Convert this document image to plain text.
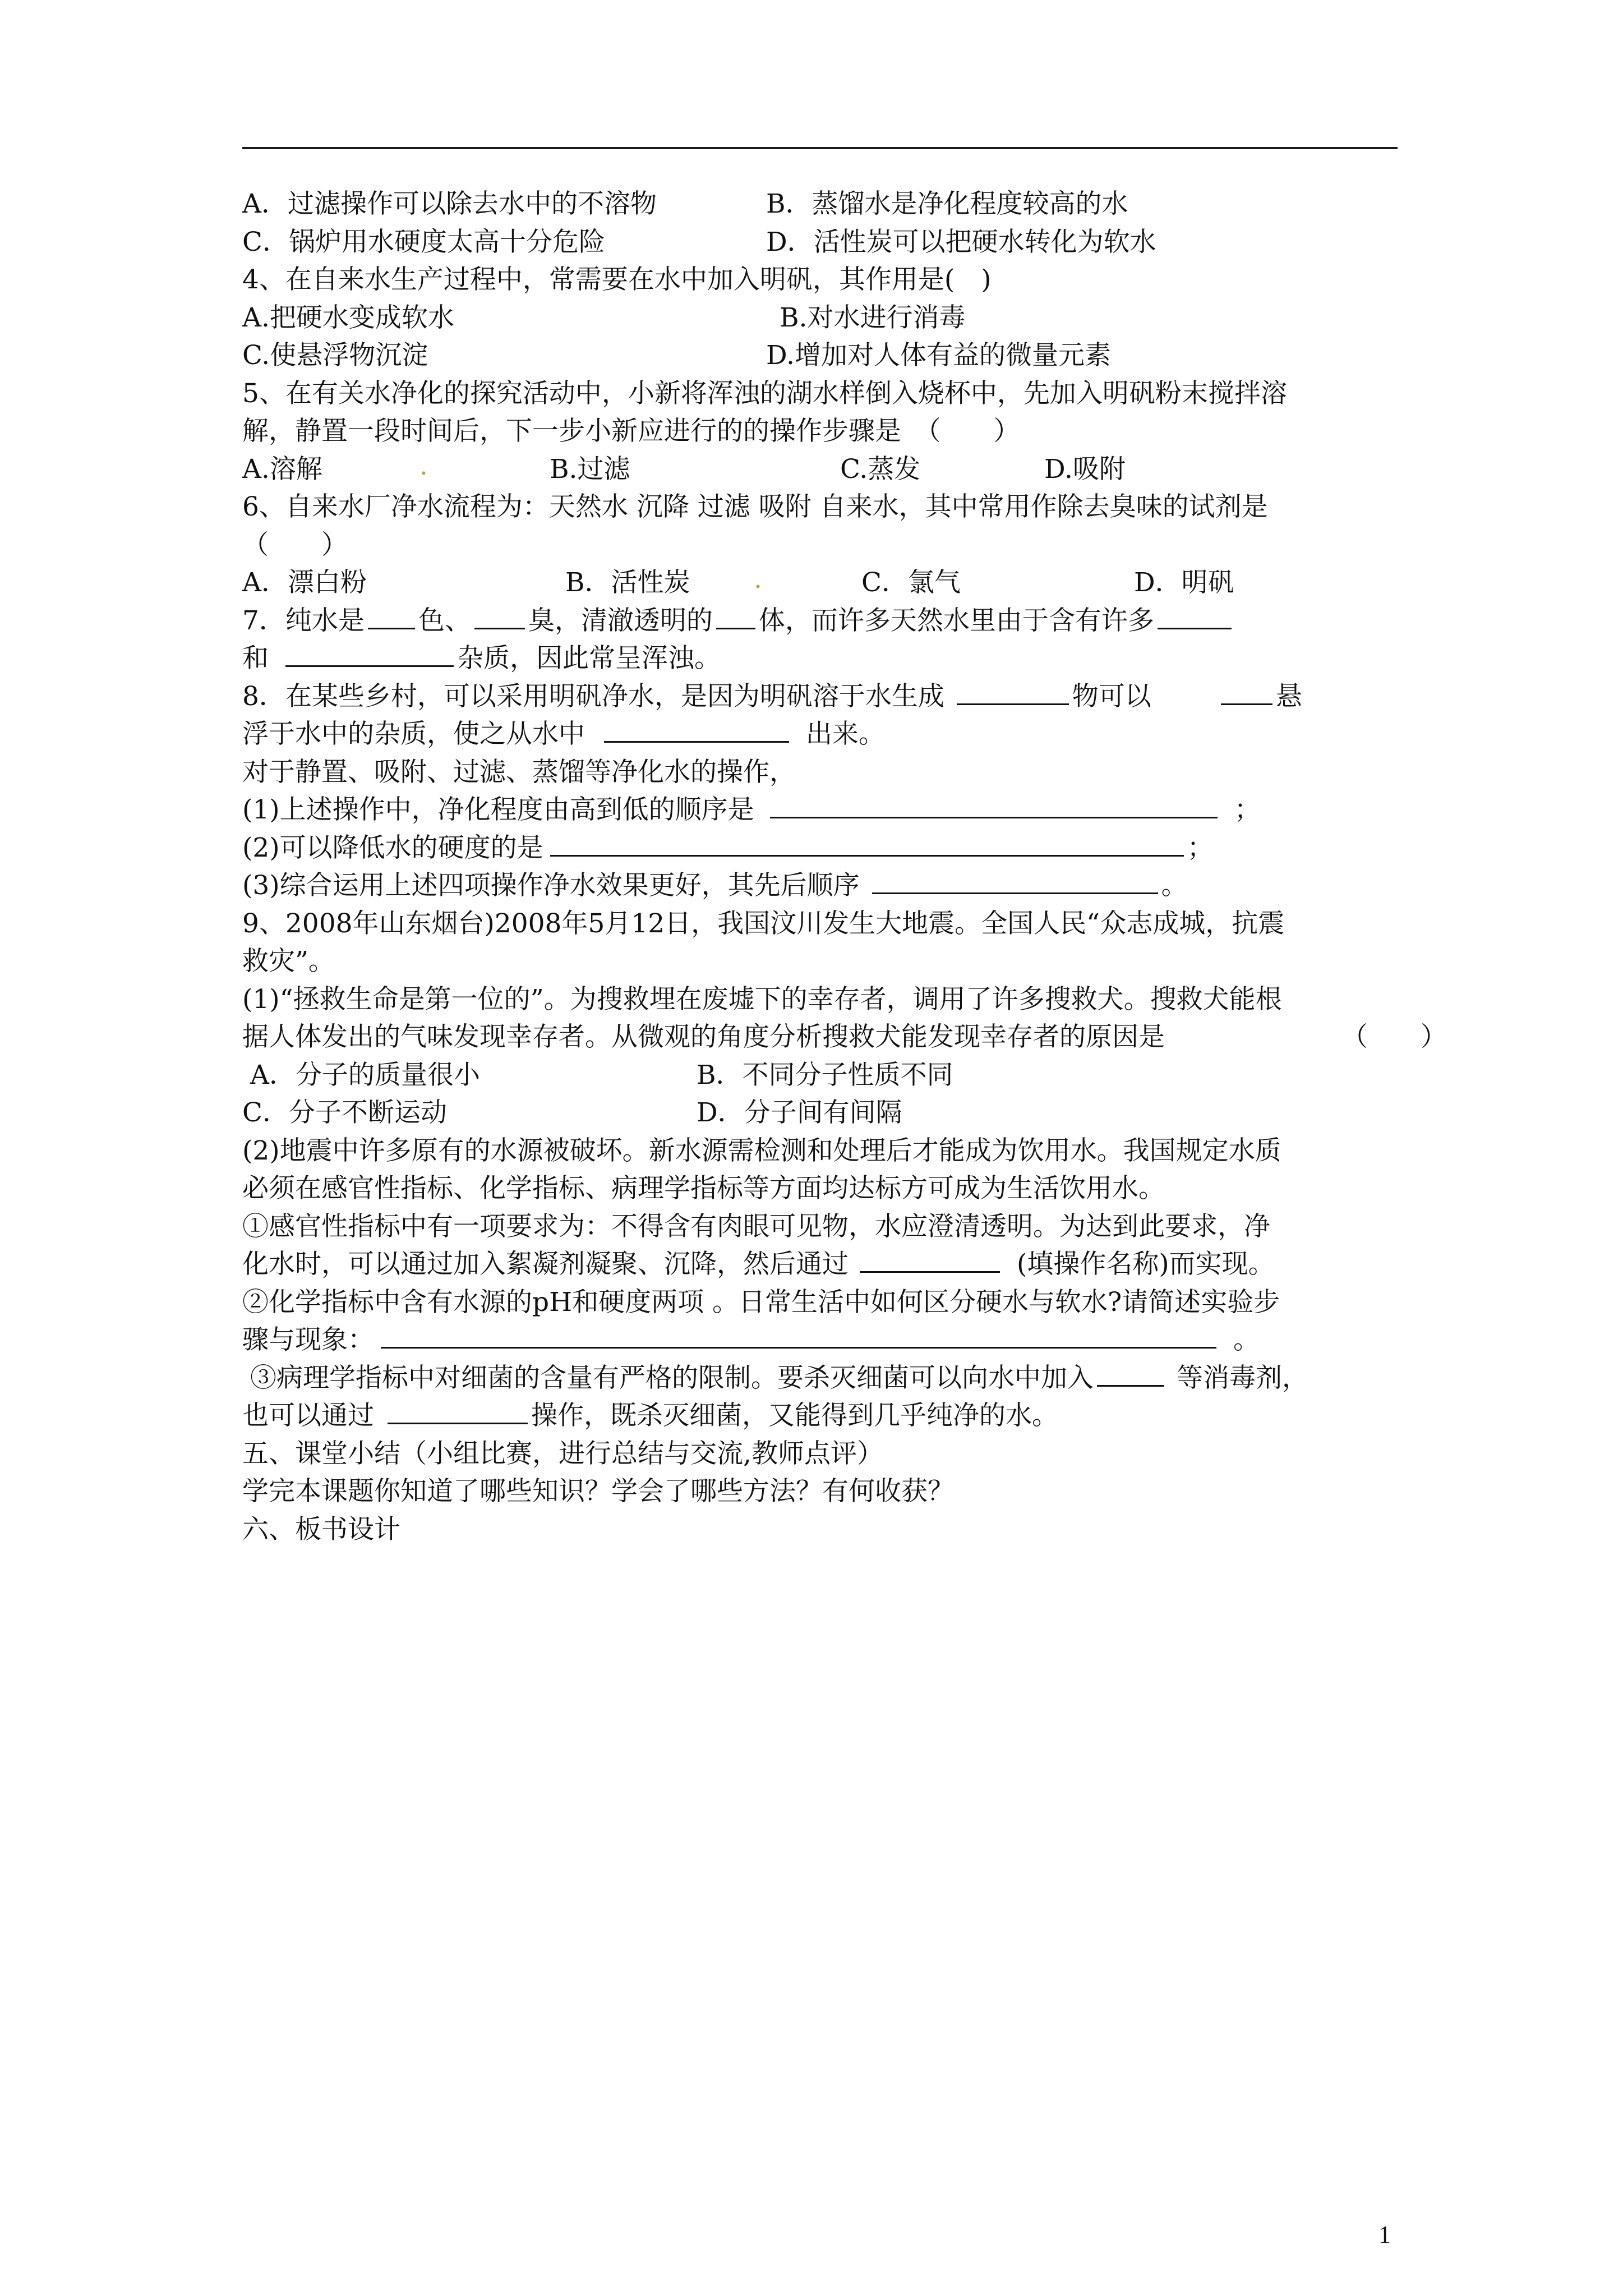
A．过滤操作可以除去水中的不溶物	B．蒸馏水是净化程度较高的水
C．锅炉用水硬度太高十分危险	D．活性炭可以把硬水转化为软水
4、在自来水生产过程中，常需要在水中加入明矾，其作用是(　)
A.把硬水变成软水	B.对水进行消毒
C.使悬浮物沉淀	D.增加对人体有益的微量元素
5、在有关水净化的探究活动中，小新将浑浊的湖水样倒入烧杯中，先加入明矾粉末搅拌溶
解，静置一段时间后，下一步小新应进行的的操作步骤是　（　　）
A.溶解	.	B.过滤	C.蒸发	D.吸附
6、自来水厂净水流程为：天然水 沉降 过滤 吸附 自来水，其中常用作除去臭味的试剂是
（　　）
A．漂白粉	B．活性炭 .	C．氯气	D．明矾
7．纯水是 色、 臭，清澈透明的 体，而许多天然水里由于含有许多
和	杂质，因此常呈浑浊。
8．在某些乡村，可以采用明矾净水，是因为明矾溶于水生成	物可以	悬
浮于水中的杂质，使之从水中	出来。
对于静置、吸附、过滤、蒸馏等净化水的操作，
(1)上述操作中，净化程度由高到低的顺序是	；
(2)可以降低水的硬度的是	；
(3)综合运用上述四项操作净水效果更好，其先后顺序	。
9、2008年山东烟台)2008年5月12日，我国汶川发生大地震。全国人民“众志成城，抗震
救灾”。
(1)“拯救生命是第一位的”。为搜救埋在废墟下的幸存者，调用了许多搜救犬。搜救犬能根
据人体发出的气味发现幸存者。从微观的角度分析搜救犬能发现幸存者的原因是	（　　）
A．分子的质量很小	B．不同分子性质不同
C．分子不断运动	D．分子间有间隔
(2)地震中许多原有的水源被破坏。新水源需检测和处理后才能成为饮用水。我国规定水质
必须在感官性指标、化学指标、病理学指标等方面均达标方可成为生活饮用水。
①感官性指标中有一项要求为：不得含有肉眼可见物，水应澄清透明。为达到此要求，净
化水时，可以通过加入絮凝剂凝聚、沉降，然后通过	(填操作名称)而实现。
②化学指标中含有水源的pH和硬度两项 。日常生活中如何区分硬水与软水?请简述实验步
骤与现象：	。
③病理学指标中对细菌的含量有严格的限制。要杀灭细菌可以向水中加入	等消毒剂，
也可以通过	操作，既杀灭细菌，又能得到几乎纯净的水。
五、课堂小结（小组比赛，进行总结与交流,教师点评）
学完本课题你知道了哪些知识？学会了哪些方法？有何收获？
六、板书设计
1
